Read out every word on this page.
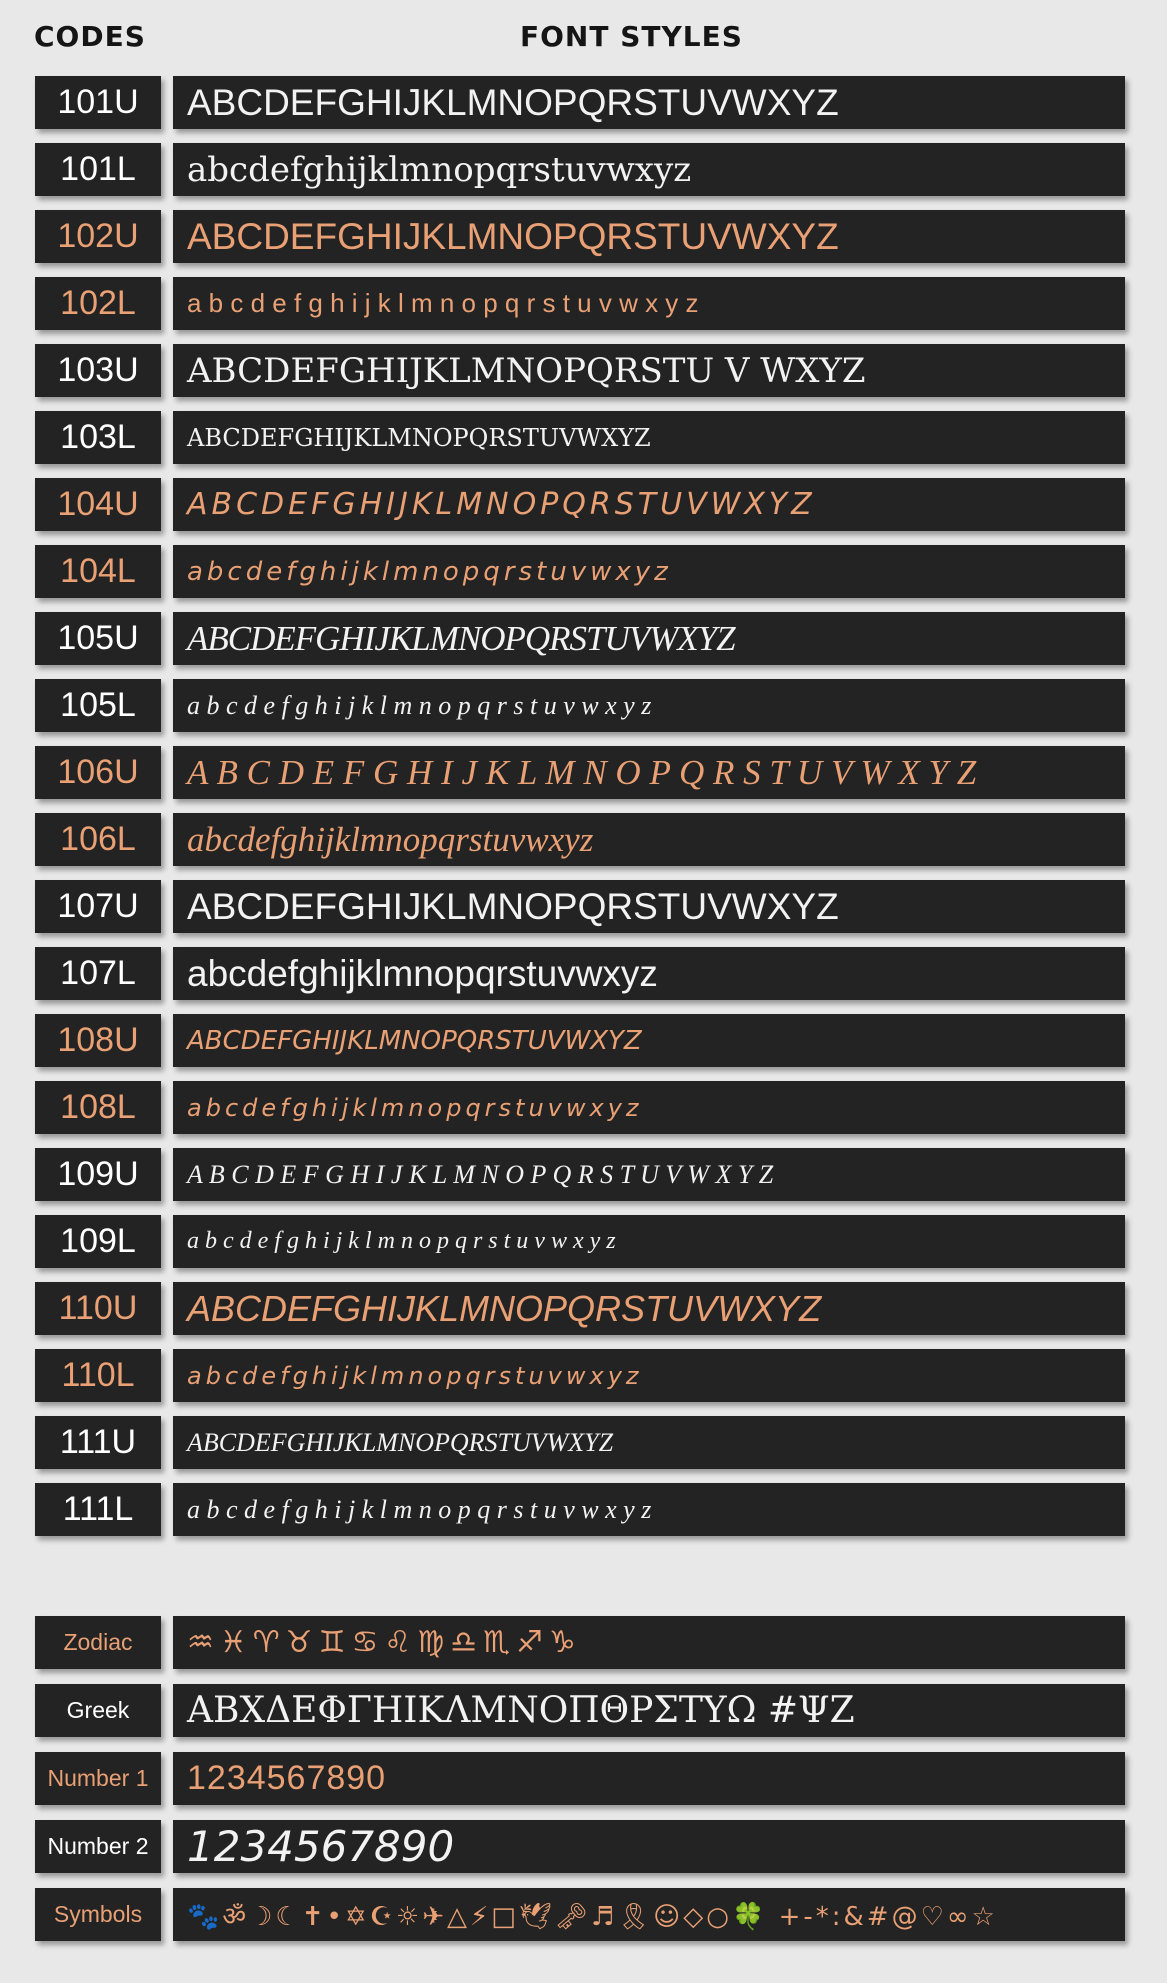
CODES	FONT STYLES
101U	ABCDEFGHIJKLMNOPQRSTUVWXYZ
101L	abcdefghijklmnopqrstuvwxyz
102U	ABCDEFGHIJKLMNOPQRSTUVWXYZ
102L	a b c d e f g h i j k l m n o p q r s t u v w x y z
103U	ABCDEFGHIJKLMNOPQRSTU V WXYZ
103L	ABCDEFGHIJKLMNOPQRSTUVWXYZ
104U	ABCDEFGHIJKLMNOPQRSTUVWXYZ
104L	abcdefghijklmnopqrstuvwxyz
105U	ABCDEFGHIJKLMNOPQRSTUVWXYZ
105L	a b c d e f g h i j k l m n o p q r s t u v w x y z
106U	A B C D E F G H I J K L M N O P Q R S T U V W X Y Z
106L	abcdefghijklmnopqrstuvwxyz
107U	ABCDEFGHIJKLMNOPQRSTUVWXYZ
107L	abcdefghijklmnopqrstuvwxyz
108U	ABCDEFGHIJKLMNOPQRSTUVWXYZ
108L	abcdefghijklmnopqrstuvwxyz
109U	A B C D E F G H I J K L M N O P Q R S T U V W X Y Z
109L	a b c d e f g h i j k l m n o p q r s t u v w x y z
110U	ABCDEFGHIJKLMNOPQRSTUVWXYZ
110L	abcdefghijklmnopqrstuvwxyz
111U	ABCDEFGHIJKLMNOPQRSTUVWXYZ
111L	a b c d e f g h i j k l m n o p q r s t u v w x y z
Zodiac	♒♓♈♉♊♋♌♍♎♏♐♑
Greek	ΑΒΧΔΕΦΓΗΙΚΛΜΝΟΠΘΡΣΤΥΩ #ΨΖ
Number 1	1234567890
Number 2 1234567890
Symbols	🐾ॐ☽☾✝•✡☪☼✈△⚡□🕊🗝♬🎗☺◇○🍀 +-*:&#@♡∞☆
